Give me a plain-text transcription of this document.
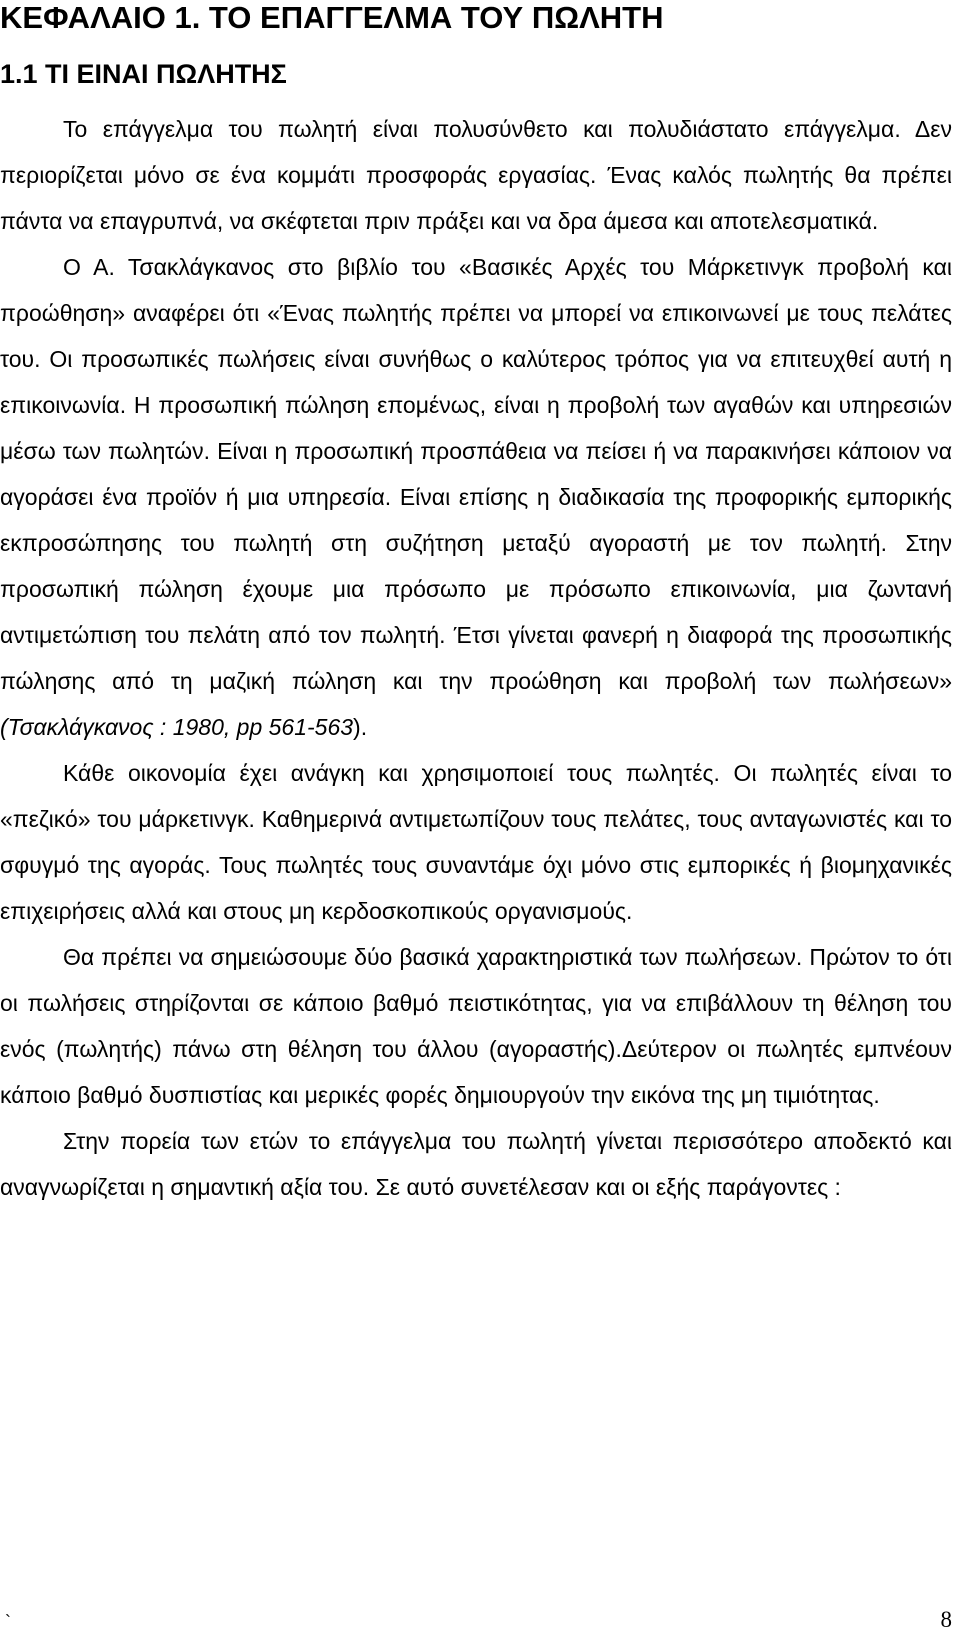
ΚΕΦΑΛΑΙΟ 1. ΤΟ ΕΠΑΓΓΕΛΜΑ ΤΟΥ ΠΩΛΗΤΗ
1.1 ΤΙ ΕΙΝΑΙ ΠΩΛΗΤΗΣ

Το επάγγελμα του πωλητή είναι πολυσύνθετο και πολυδιάστατο επάγγελμα. Δεν περιορίζεται μόνο σε ένα κομμάτι προσφοράς εργασίας. Ένας καλός πωλητής θα πρέπει πάντα να επαγρυπνά, να σκέφτεται πριν πράξει και να δρα άμεσα και αποτελεσματικά.

Ο Α. Τσακλάγκανος στο βιβλίο του «Βασικές Αρχές του Μάρκετινγκ προβολή και προώθηση» αναφέρει ότι «Ένας πωλητής πρέπει να μπορεί να επικοινωνεί με τους πελάτες του. Οι προσωπικές πωλήσεις είναι συνήθως ο καλύτερος τρόπος για να επιτευχθεί αυτή η επικοινωνία. Η προσωπική πώληση επομένως, είναι η προβολή των αγαθών και υπηρεσιών μέσω των πωλητών. Είναι η προσωπική προσπάθεια να πείσει ή να παρακινήσει κάποιον να αγοράσει ένα προϊόν ή μια υπηρεσία. Είναι επίσης η διαδικασία της προφορικής εμπορικής εκπροσώπησης του πωλητή στη συζήτηση μεταξύ αγοραστή με τον πωλητή. Στην προσωπική πώληση έχουμε μια πρόσωπο με πρόσωπο επικοινωνία, μια ζωντανή αντιμετώπιση του πελάτη από τον πωλητή. Έτσι γίνεται φανερή η διαφορά της προσωπικής πώλησης από τη μαζική πώληση και την προώθηση και προβολή των πωλήσεων» (Τσακλάγκανος : 1980, pp 561-563).

Κάθε οικονομία έχει ανάγκη και χρησιμοποιεί τους πωλητές. Οι πωλητές είναι το «πεζικό» του μάρκετινγκ. Καθημερινά αντιμετωπίζουν τους πελάτες, τους ανταγωνιστές και το σφυγμό της αγοράς. Τους πωλητές τους συναντάμε όχι μόνο στις εμπορικές ή βιομηχανικές επιχειρήσεις αλλά και στους μη κερδοσκοπικούς οργανισμούς.

Θα πρέπει να σημειώσουμε δύο βασικά χαρακτηριστικά των πωλήσεων. Πρώτον το ότι οι πωλήσεις στηρίζονται σε κάποιο βαθμό πειστικότητας, για να επιβάλλουν τη θέληση του ενός (πωλητής) πάνω στη θέληση του άλλου (αγοραστής).Δεύτερον οι πωλητές εμπνέουν κάποιο βαθμό δυσπιστίας και μερικές φορές δημιουργούν την εικόνα της μη τιμιότητας.

Στην πορεία των ετών το επάγγελμα του πωλητή γίνεται περισσότερο αποδεκτό και αναγνωρίζεται η σημαντική αξία του. Σε αυτό συνετέλεσαν και οι εξής παράγοντες :

`	8
